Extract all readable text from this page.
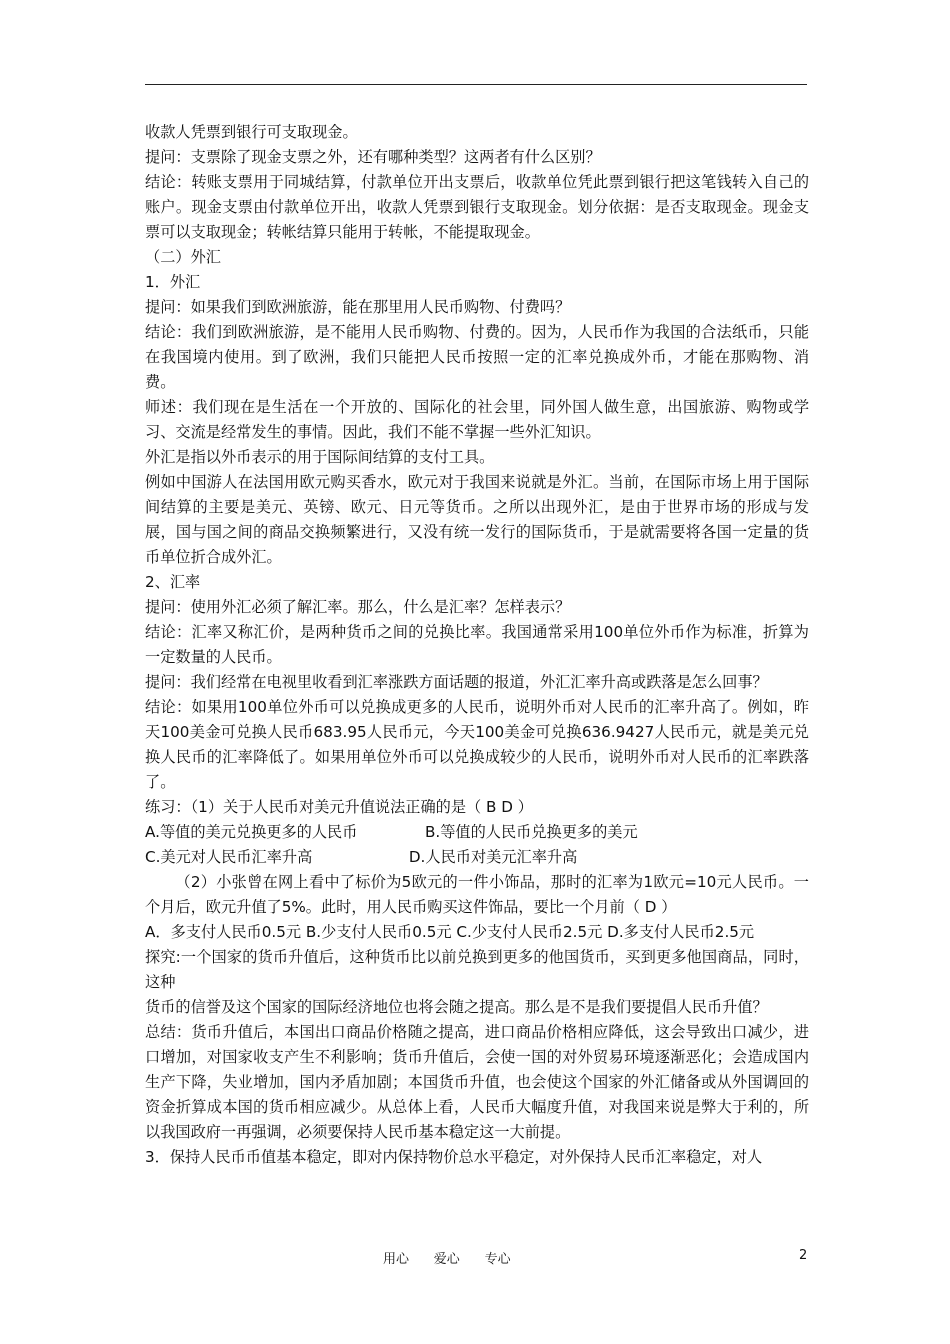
收款人凭票到银行可支取现金。

提问：支票除了现金支票之外，还有哪种类型？这两者有什么区别？

结论：转账支票用于同城结算，付款单位开出支票后，收款单位凭此票到银行把这笔钱转入自己的账户。现金支票由付款单位开出，收款人凭票到银行支取现金。划分依据：是否支取现金。现金支票可以支取现金；转帐结算只能用于转帐，不能提取现金。

（二）外汇

1．外汇

提问：如果我们到欧洲旅游，能在那里用人民币购物、付费吗？

结论：我们到欧洲旅游，是不能用人民币购物、付费的。因为，人民币作为我国的合法纸币，只能在我国境内使用。到了欧洲，我们只能把人民币按照一定的汇率兑换成外币，才能在那购物、消费。

师述：我们现在是生活在一个开放的、国际化的社会里，同外国人做生意，出国旅游、购物或学习、交流是经常发生的事情。因此，我们不能不掌握一些外汇知识。

外汇是指以外币表示的用于国际间结算的支付工具。

例如中国游人在法国用欧元购买香水，欧元对于我国来说就是外汇。当前，在国际市场上用于国际间结算的主要是美元、英镑、欧元、日元等货币。之所以出现外汇，是由于世界市场的形成与发展，国与国之间的商品交换频繁进行，又没有统一发行的国际货币，于是就需要将各国一定量的货币单位折合成外汇。

2、汇率

提问：使用外汇必须了解汇率。那么，什么是汇率？怎样表示？

结论：汇率又称汇价，是两种货币之间的兑换比率。我国通常采用100单位外币作为标准，折算为一定数量的人民币。

提问：我们经常在电视里收看到汇率涨跌方面话题的报道，外汇汇率升高或跌落是怎么回事？

结论：如果用100单位外币可以兑换成更多的人民币，说明外币对人民币的汇率升高了。例如，昨天100美金可兑换人民币683.95人民币元，今天100美金可兑换636.9427人民币元，就是美元兑换人民币的汇率降低了。如果用单位外币可以兑换成较少的人民币，说明外币对人民币的汇率跌落了。

练习：（1）关于人民币对美元升值说法正确的是（ B D ）

A.等值的美元兑换更多的人民币              B.等值的人民币兑换更多的美元

C.美元对人民币汇率升高                    D.人民币对美元汇率升高

（2）小张曾在网上看中了标价为5欧元的一件小饰品，那时的汇率为1欧元=10元人民币。一个月后，欧元升值了5%。此时，用人民币购买这件饰品，要比一个月前（ D ）

A．多支付人民币0.5元 B.少支付人民币0.5元 C.少支付人民币2.5元 D.多支付人民币2.5元

探究:一个国家的货币升值后，这种货币比以前兑换到更多的他国货币，买到更多他国商品，同时，这种

货币的信誉及这个国家的国际经济地位也将会随之提高。那么是不是我们要提倡人民币升值？

总结：货币升值后，本国出口商品价格随之提高，进口商品价格相应降低，这会导致出口减少，进口增加，对国家收支产生不利影响；货币升值后，会使一国的对外贸易环境逐渐恶化；会造成国内生产下降，失业增加，国内矛盾加剧；本国货币升值，也会使这个国家的外汇储备或从外国调回的资金折算成本国的货币相应减少。从总体上看，人民币大幅度升值，对我国来说是弊大于利的，所以我国政府一再强调，必须要保持人民币基本稳定这一大前提。

3．保持人民币币值基本稳定，即对内保持物价总水平稳定，对外保持人民币汇率稳定，对人

用心      爱心      专心	2
